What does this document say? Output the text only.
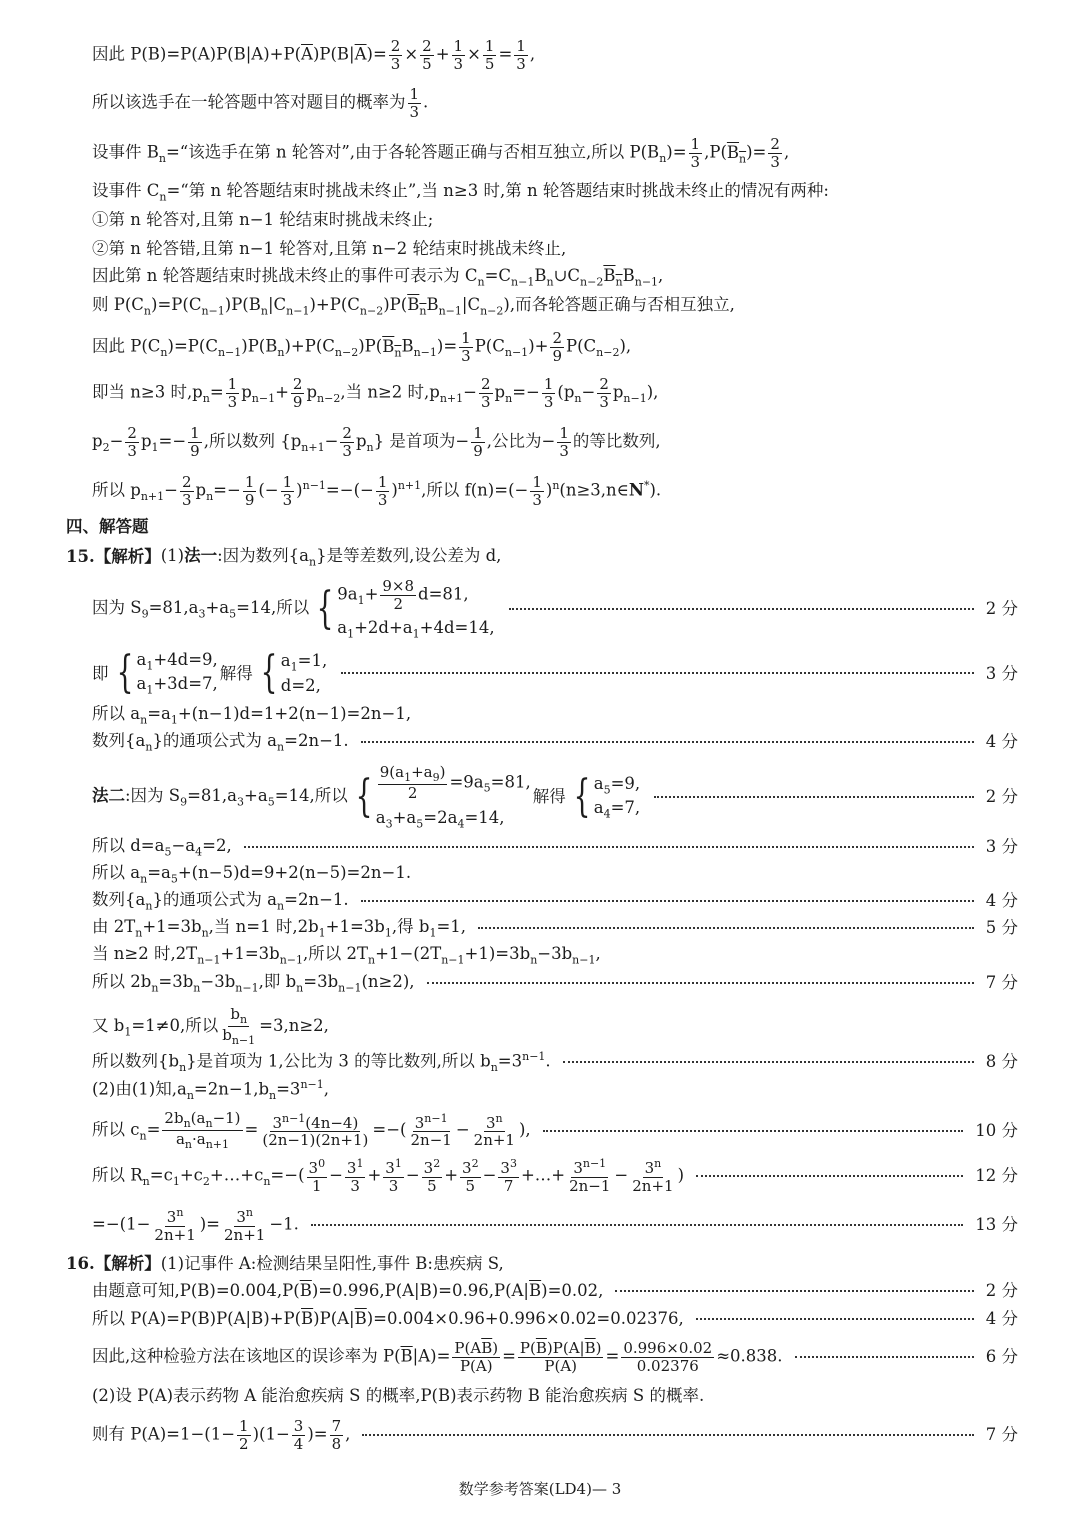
因此 $P(B)=P(A)P(B|A)+P(\overline{A})P(B|\overline{A})= \frac{2}{3} \times \frac{2}{5} + \frac{1}{3} \times \frac{1}{5} = \frac{1}{3}$ ,
所以该选手在一轮答题中答对题目的概率为 $\frac{1}{3}$ .
设事件 $B_n=“$该选手在第 n 轮答对”,由于各轮答题正确与否相互独立,所以 $P(B_n)= \frac{1}{3} ,P(B_n)= \frac{2}{3}$ ,
设事件 $C_n=“$第 n 轮答题结束时挑战未终止”,当 n≥3 时,第 n 轮答题结束时挑战未终止的情况有两种:
①第 n 轮答对,且第 n−1 轮结束时挑战未终止;
②第 n 轮答错,且第 n−1 轮答对,且第 n−2 轮结束时挑战未终止,
因此第 n 轮答题结束时挑战未终止的事件可表示为 $C_n=C_{n-1}B_n\cup C_{n-2}B_nB_{n-1}$,
则 $P(C_n)=P(C_{n-1})P(B_n|C_{n-1})+P(C_{n-2})P(B_nB_{n-1}|C_{n-2})$,而各轮答题正确与否相互独立,
因此 $P(C_n)=P(C_{n-1})P(B_n)+P(C_{n-2})P(B_nB_{n-1})= \frac{1}{3} P(C_{n-1})+ \frac{2}{9} P(C_{n-2})$,
即当 n≥3 时$,p_n= \frac{1}{3} p_{n-1}+ \frac{2}{9} p_{n-2}$,当 n≥2 时$,p_{n+1}- \frac{2}{3} p_n=- \frac{1}{3} (p_n- \frac{2}{3} p_{n-1})$,
$p_2- \frac{2}{3} p_1=- \frac{1}{9}$ ,所以数列 $\{p_{n+1}- \frac{2}{3} p_n\}$ 是首项为− $\frac{1}{9}$ ,公比为− $\frac{1}{3}$ 的等比数列,
所以 $p_{n+1}- \frac{2}{3} p_n=- \frac{1}{9}$ (− $\frac{1}{3} )^{n-1}=-(- \frac{1}{3} )^{n+1}$,所以 $f(n)=(- \frac{1}{3}$ )$^n(n\ge 3,n\in N^*)$.
四、解答题
15.【解析】 (1)法一:因为数列$\{a_n\}$是等差数列,设公差为 d,
因为 $S_9=81,a_3+a_5=14$,所以 { $9a_1+ \frac{9\times 8}{2} d=81$,
$a_1+2d+a_1+4d=14$,
2 分
即 { $a_1+4d=9$,
$a_1+3d=7$,
解得 { $a_1=1$,
d=2,
3 分
所以 $a_n=a_1+(n-1)d=1+2(n-1)=2n-1$,
数列$\{a_n\}$的通项公式为 $a_n=2n-1$.	4 分
法二:因为 $S_9=81,a_3+a_5=14$,所以 { $\frac{9(a_1+a_9)}{2} =9a_5=81$,
$a_3+a_5=2a_4=14$,
解得 { $a_5=9$,
$a_4=7$,
2 分
所以 $d=a_5-a_4=2$,	3 分
所以 $a_n=a_5+(n-5)d=9+2(n-5)=2n-1$.
数列$\{a_n\}$的通项公式为 $a_n=2n-1$.	4 分
由 $2T_n+1=3b_n$,当 n=1 时$,2b_1+1=3b_1$,得 $b_1=1$,	5 分
当 n≥2 时$,2T_{n-1}+1=3b_{n-1}$,所以 $2T_n+1-(2T_{n-1}+1)=3b_n-3b_{n-1}$,
所以 $2b_n=3b_n-3b_{n-1}$,即 $b_n=3b_{n-1}(n\ge 2)$,	7 分
又 $b_1=1\ne 0$,所以 $\frac{b_n}{b_{n-1}} =3,n\ge 2$,
所以数列$\{b_n\}$是首项为 1,公比为 3 的等比数列,所以 $b_n=3^{n-1}$.	8 分
(2)由(1)知$,a_n=2n-1,b_n=3^{n-1}$,
所以 $c_n= \frac{2b_n(a_n-1)}{a_n\cdot a_{n+1}} = \frac{3^{n-1}(4n-4)}{(2n-1)(2n+1)}$ =−( $\frac{3^{n-1}}{2n-1} - \frac{3^n}{2n+1}$ ),	10 分
所以 $R_n=c_1+c_2+\dots+c_n=-( \frac{3^0}{1} - \frac{3^1}{3} + \frac{3^1}{3} - \frac{3^2}{5} + \frac{3^2}{5} - \frac{3^3}{7}$ +…+ $\frac{3^{n-1}}{2n-1} - \frac{3^n}{2n+1}$ )	12 分
$=-(1- \frac{3^n}{2n+1}$ )= $\frac{3^n}{2n+1} -1$.	13 分
16.【解析】 (1)记事件 A:检测结果呈阳性,事件 B:患疾病 S,
由题意可知$,P(B)=0.004,P(\overline{B})=0.996,P(A|B)=0.96,P(A|\overline{B})=0.02$,	2 分
所以 $P(A)=P(B)P(A|B)+P(\overline{B})P(A|\overline{B})=0.004\times 0.96+0.996\times 0.02=0.02376$,	4 分
因此,这种检验方法在该地区的误诊率为 $P(\overline{B}|A)= \frac{P(A\overline{B})}{P(A)} = \frac{P(\overline{B})P(A|\overline{B})}{P(A)} = \frac{0.996\times 0.02}{0.02376} \approx 0.838$.	6 分
(2)设 P(A)表示药物 A 能治愈疾病 S 的概率,P(B)表示药物 B 能治愈疾病 S 的概率.
则有 $P(A)=1-(1- \frac{1}{2} )(1- \frac{3}{4}$ )= $\frac{7}{8}$ ,	7 分
数学参考答案(LD4)— 3
